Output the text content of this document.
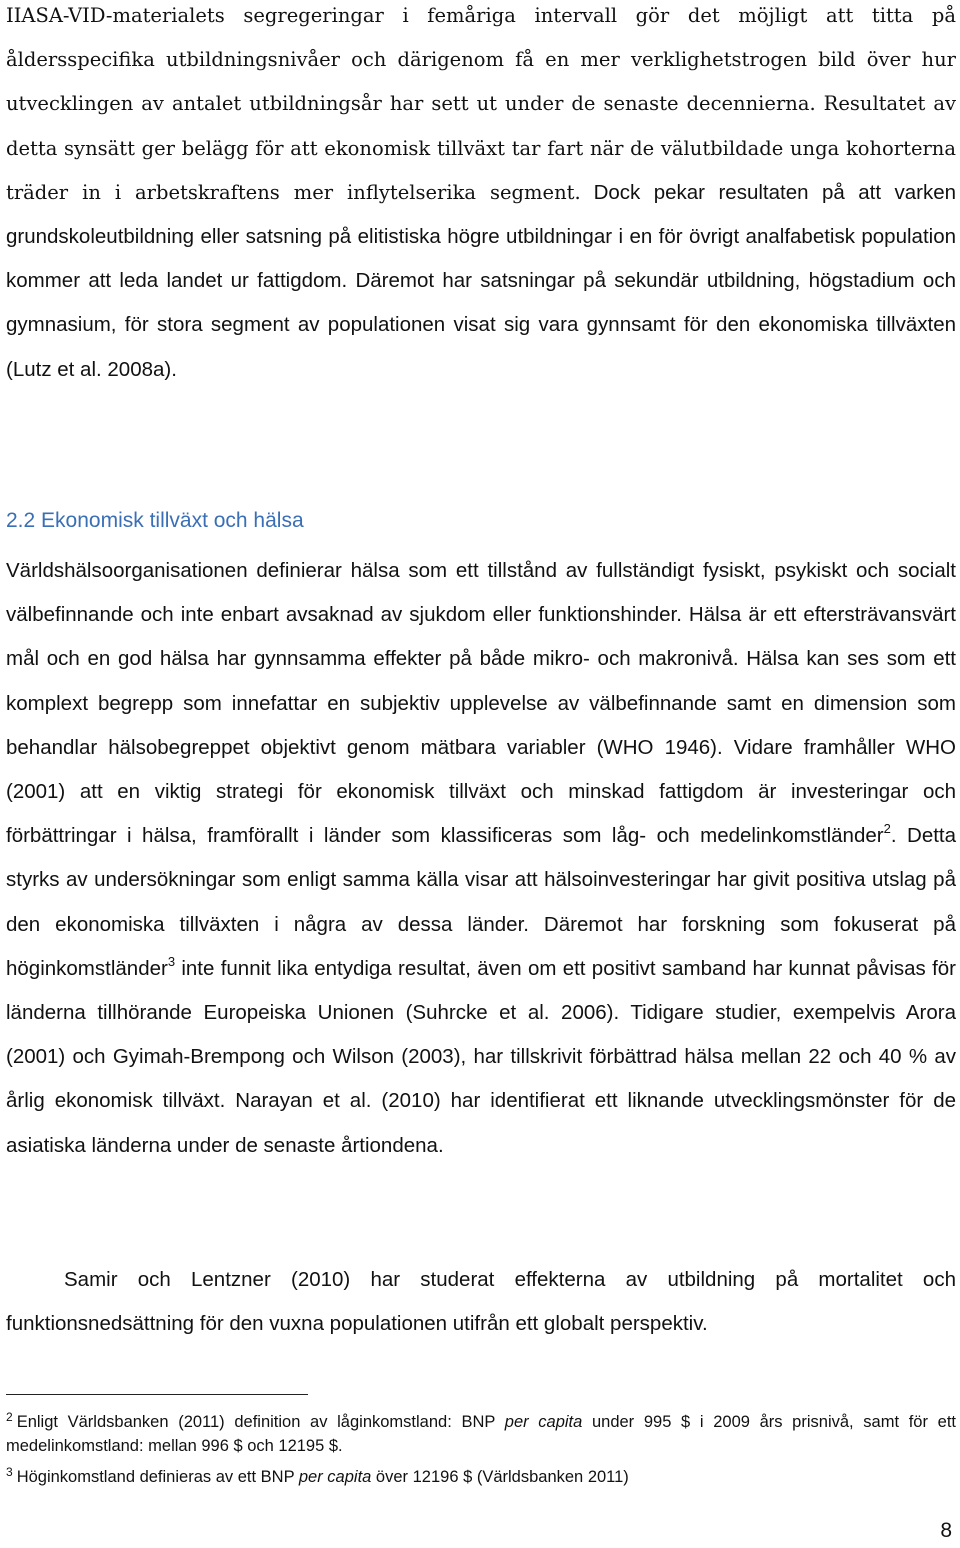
IIASA-VID-materialets segregeringar i femåriga intervall gör det möjligt att titta på åldersspecifika utbildningsnivåer och därigenom få en mer verklighetstrogen bild över hur utvecklingen av antalet utbildningsår har sett ut under de senaste decennierna. Resultatet av detta synsätt ger belägg för att ekonomisk tillväxt tar fart när de välutbildade unga kohorterna träder in i arbetskraftens mer inflytelserika segment. Dock pekar resultaten på att varken grundskoleutbildning eller satsning på elitistiska högre utbildningar i en för övrigt analfabetisk population kommer att leda landet ur fattigdom. Däremot har satsningar på sekundär utbildning, högstadium och gymnasium, för stora segment av populationen visat sig vara gynnsamt för den ekonomiska tillväxten (Lutz et al. 2008a).

2.2 Ekonomisk tillväxt och hälsa

Världshälsoorganisationen definierar hälsa som ett tillstånd av fullständigt fysiskt, psykiskt och socialt välbefinnande och inte enbart avsaknad av sjukdom eller funktionshinder. Hälsa är ett eftersträvansvärt mål och en god hälsa har gynnsamma effekter på både mikro- och makronivå. Hälsa kan ses som ett komplext begrepp som innefattar en subjektiv upplevelse av välbefinnande samt en dimension som behandlar hälsobegreppet objektivt genom mätbara variabler (WHO 1946). Vidare framhåller WHO (2001) att en viktig strategi för ekonomisk tillväxt och minskad fattigdom är investeringar och förbättringar i hälsa, framförallt i länder som klassificeras som låg- och medelinkomstländer$^2$. Detta styrks av undersökningar som enligt samma källa visar att hälsoinvesteringar har givit positiva utslag på den ekonomiska tillväxten i några av dessa länder. Däremot har forskning som fokuserat på höginkomstländer$^3$ inte funnit lika entydiga resultat, även om ett positivt samband har kunnat påvisas för länderna tillhörande Europeiska Unionen (Suhrcke et al. 2006). Tidigare studier, exempelvis Arora (2001) och Gyimah-Brempong och Wilson (2003), har tillskrivit förbättrad hälsa mellan 22 och 40 % av årlig ekonomisk tillväxt. Narayan et al. (2010) har identifierat ett liknande utvecklingsmönster för de asiatiska länderna under de senaste årtiondena.

Samir och Lentzner (2010) har studerat effekterna av utbildning på mortalitet och funktionsnedsättning för den vuxna populationen utifrån ett globalt perspektiv.

$^2$ Enligt Världsbanken (2011) definition av låginkomstland: BNP per capita under 995 $ i 2009 års prisnivå, samt för ett medelinkomstland: mellan 996 $ och 12195 $.

$^3$ Höginkomstland definieras av ett BNP per capita över 12196 $ (Världsbanken 2011)

8
